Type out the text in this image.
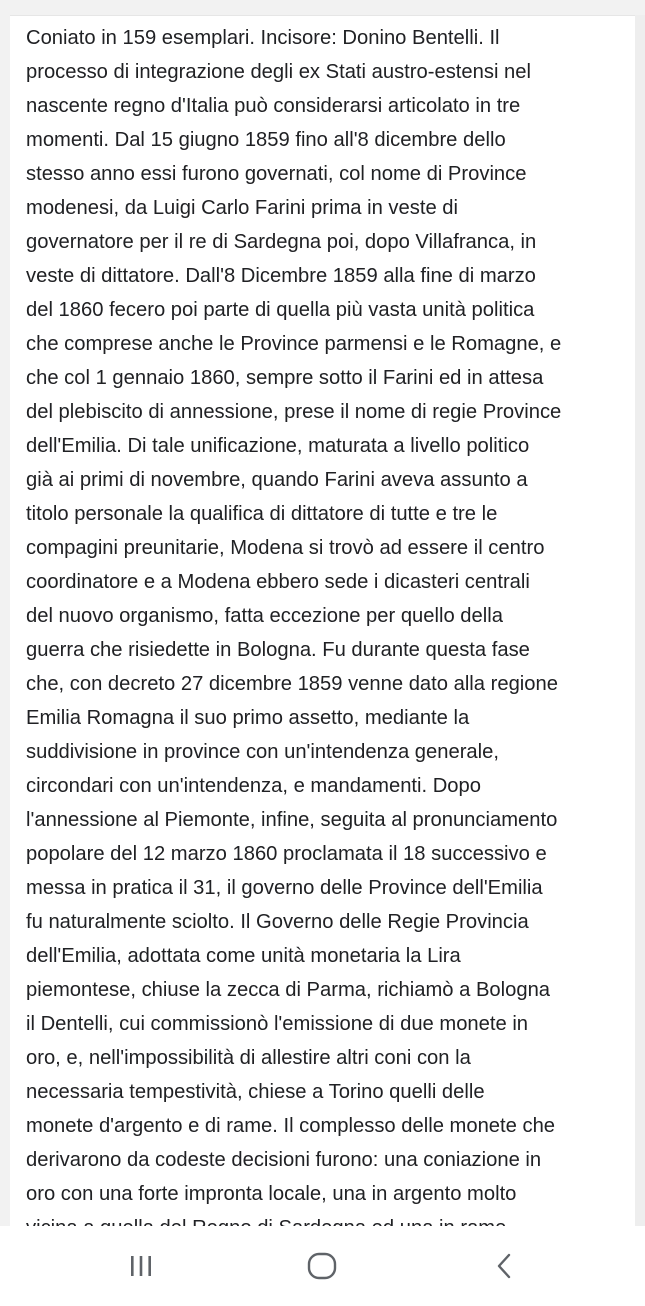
Coniato in 159 esemplari. Incisore: Donino Bentelli. Il
processo di integrazione degli ex Stati austro-estensi nel
nascente regno d'Italia può considerarsi articolato in tre
momenti. Dal 15 giugno 1859 fino all'8 dicembre dello
stesso anno essi furono governati, col nome di Province
modenesi, da Luigi Carlo Farini prima in veste di
governatore per il re di Sardegna poi, dopo Villafranca, in
veste di dittatore. Dall'8 Dicembre 1859 alla fine di marzo
del 1860 fecero poi parte di quella più vasta unità politica
che comprese anche le Province parmensi e le Romagne, e
che col 1 gennaio 1860, sempre sotto il Farini ed in attesa
del plebiscito di annessione, prese il nome di regie Province
dell'Emilia. Di tale unificazione, maturata a livello politico
già ai primi di novembre, quando Farini aveva assunto a
titolo personale la qualifica di dittatore di tutte e tre le
compagini preunitarie, Modena si trovò ad essere il centro
coordinatore e a Modena ebbero sede i dicasteri centrali
del nuovo organismo, fatta eccezione per quello della
guerra che risiedette in Bologna. Fu durante questa fase
che, con decreto 27 dicembre 1859 venne dato alla regione
Emilia Romagna il suo primo assetto, mediante la
suddivisione in province con un'intendenza generale,
circondari con un'intendenza, e mandamenti. Dopo
l'annessione al Piemonte, infine, seguita al pronunciamento
popolare del 12 marzo 1860 proclamata il 18 successivo e
messa in pratica il 31, il governo delle Province dell'Emilia
fu naturalmente sciolto. Il Governo delle Regie Provincia
dell'Emilia, adottata come unità monetaria la Lira
piemontese, chiuse la zecca di Parma, richiamò a Bologna
il Dentelli, cui commissionò l'emissione di due monete in
oro, e, nell'impossibilità di allestire altri coni con la
necessaria tempestività, chiese a Torino quelli delle
monete d'argento e di rame. Il complesso delle monete che
derivarono da codeste decisioni furono: una coniazione in
oro con una forte impronta locale, una in argento molto
